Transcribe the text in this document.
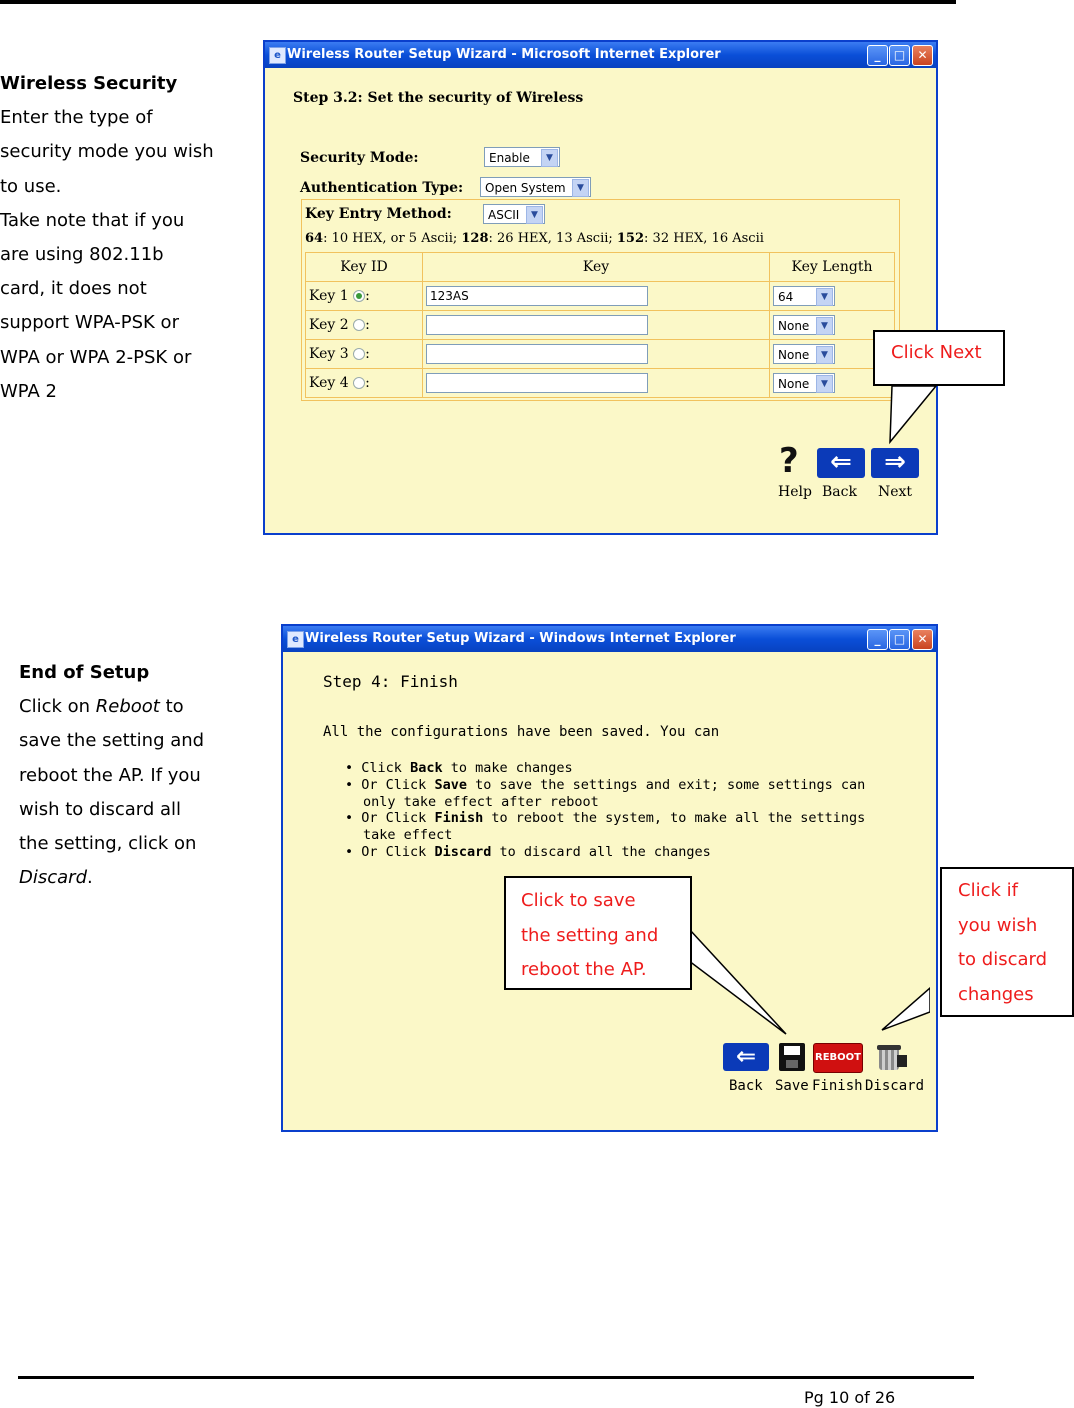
Wireless Security
Enter the type of
security mode you wish
to use.
Take note that if you
are using 802.11b
card, it does not
support WPA-PSK or
WPA or WPA 2-PSK or
WPA 2
e Wireless Router Setup Wizard - Microsoft Internet Explorer	_	□	✕
Step 3.2: Set the security of Wireless
Security Mode:	Enable	▼
Authentication Type:	Open System	▼
Key Entry Method:	ASCII	▼
64: 10 HEX, or 5 Ascii; 128: 26 HEX, 13 Ascii; 152: 32 HEX, 16 Ascii
Key ID	Key	Key Length
Key 1 :	123AS	64 ▼

Key 2 :		None ▼

Key 3 :		None ▼

Key 4 :		None ▼
?	⇐	⇒
Help Back Next
Click Next
End of Setup
Click on Reboot to
save the setting and
reboot the AP. If you
wish to discard all
the setting, click on
Discard.
e Wireless Router Setup Wizard - Windows Internet Explorer	_	□	✕
Step 4: Finish
All the configurations have been saved. You can
• Click Back to make changes
• Or Click Save to save the settings and exit; some settings can
only take effect after reboot
• Or Click Finish to reboot the system, to make all the settings
take effect
• Or Click Discard to discard all the changes
⇐	REBOOT
Back Save Finish Discard
Click to save
the setting and
reboot the AP.
Click if
you wish
to discard
changes
Pg 10 of 26
